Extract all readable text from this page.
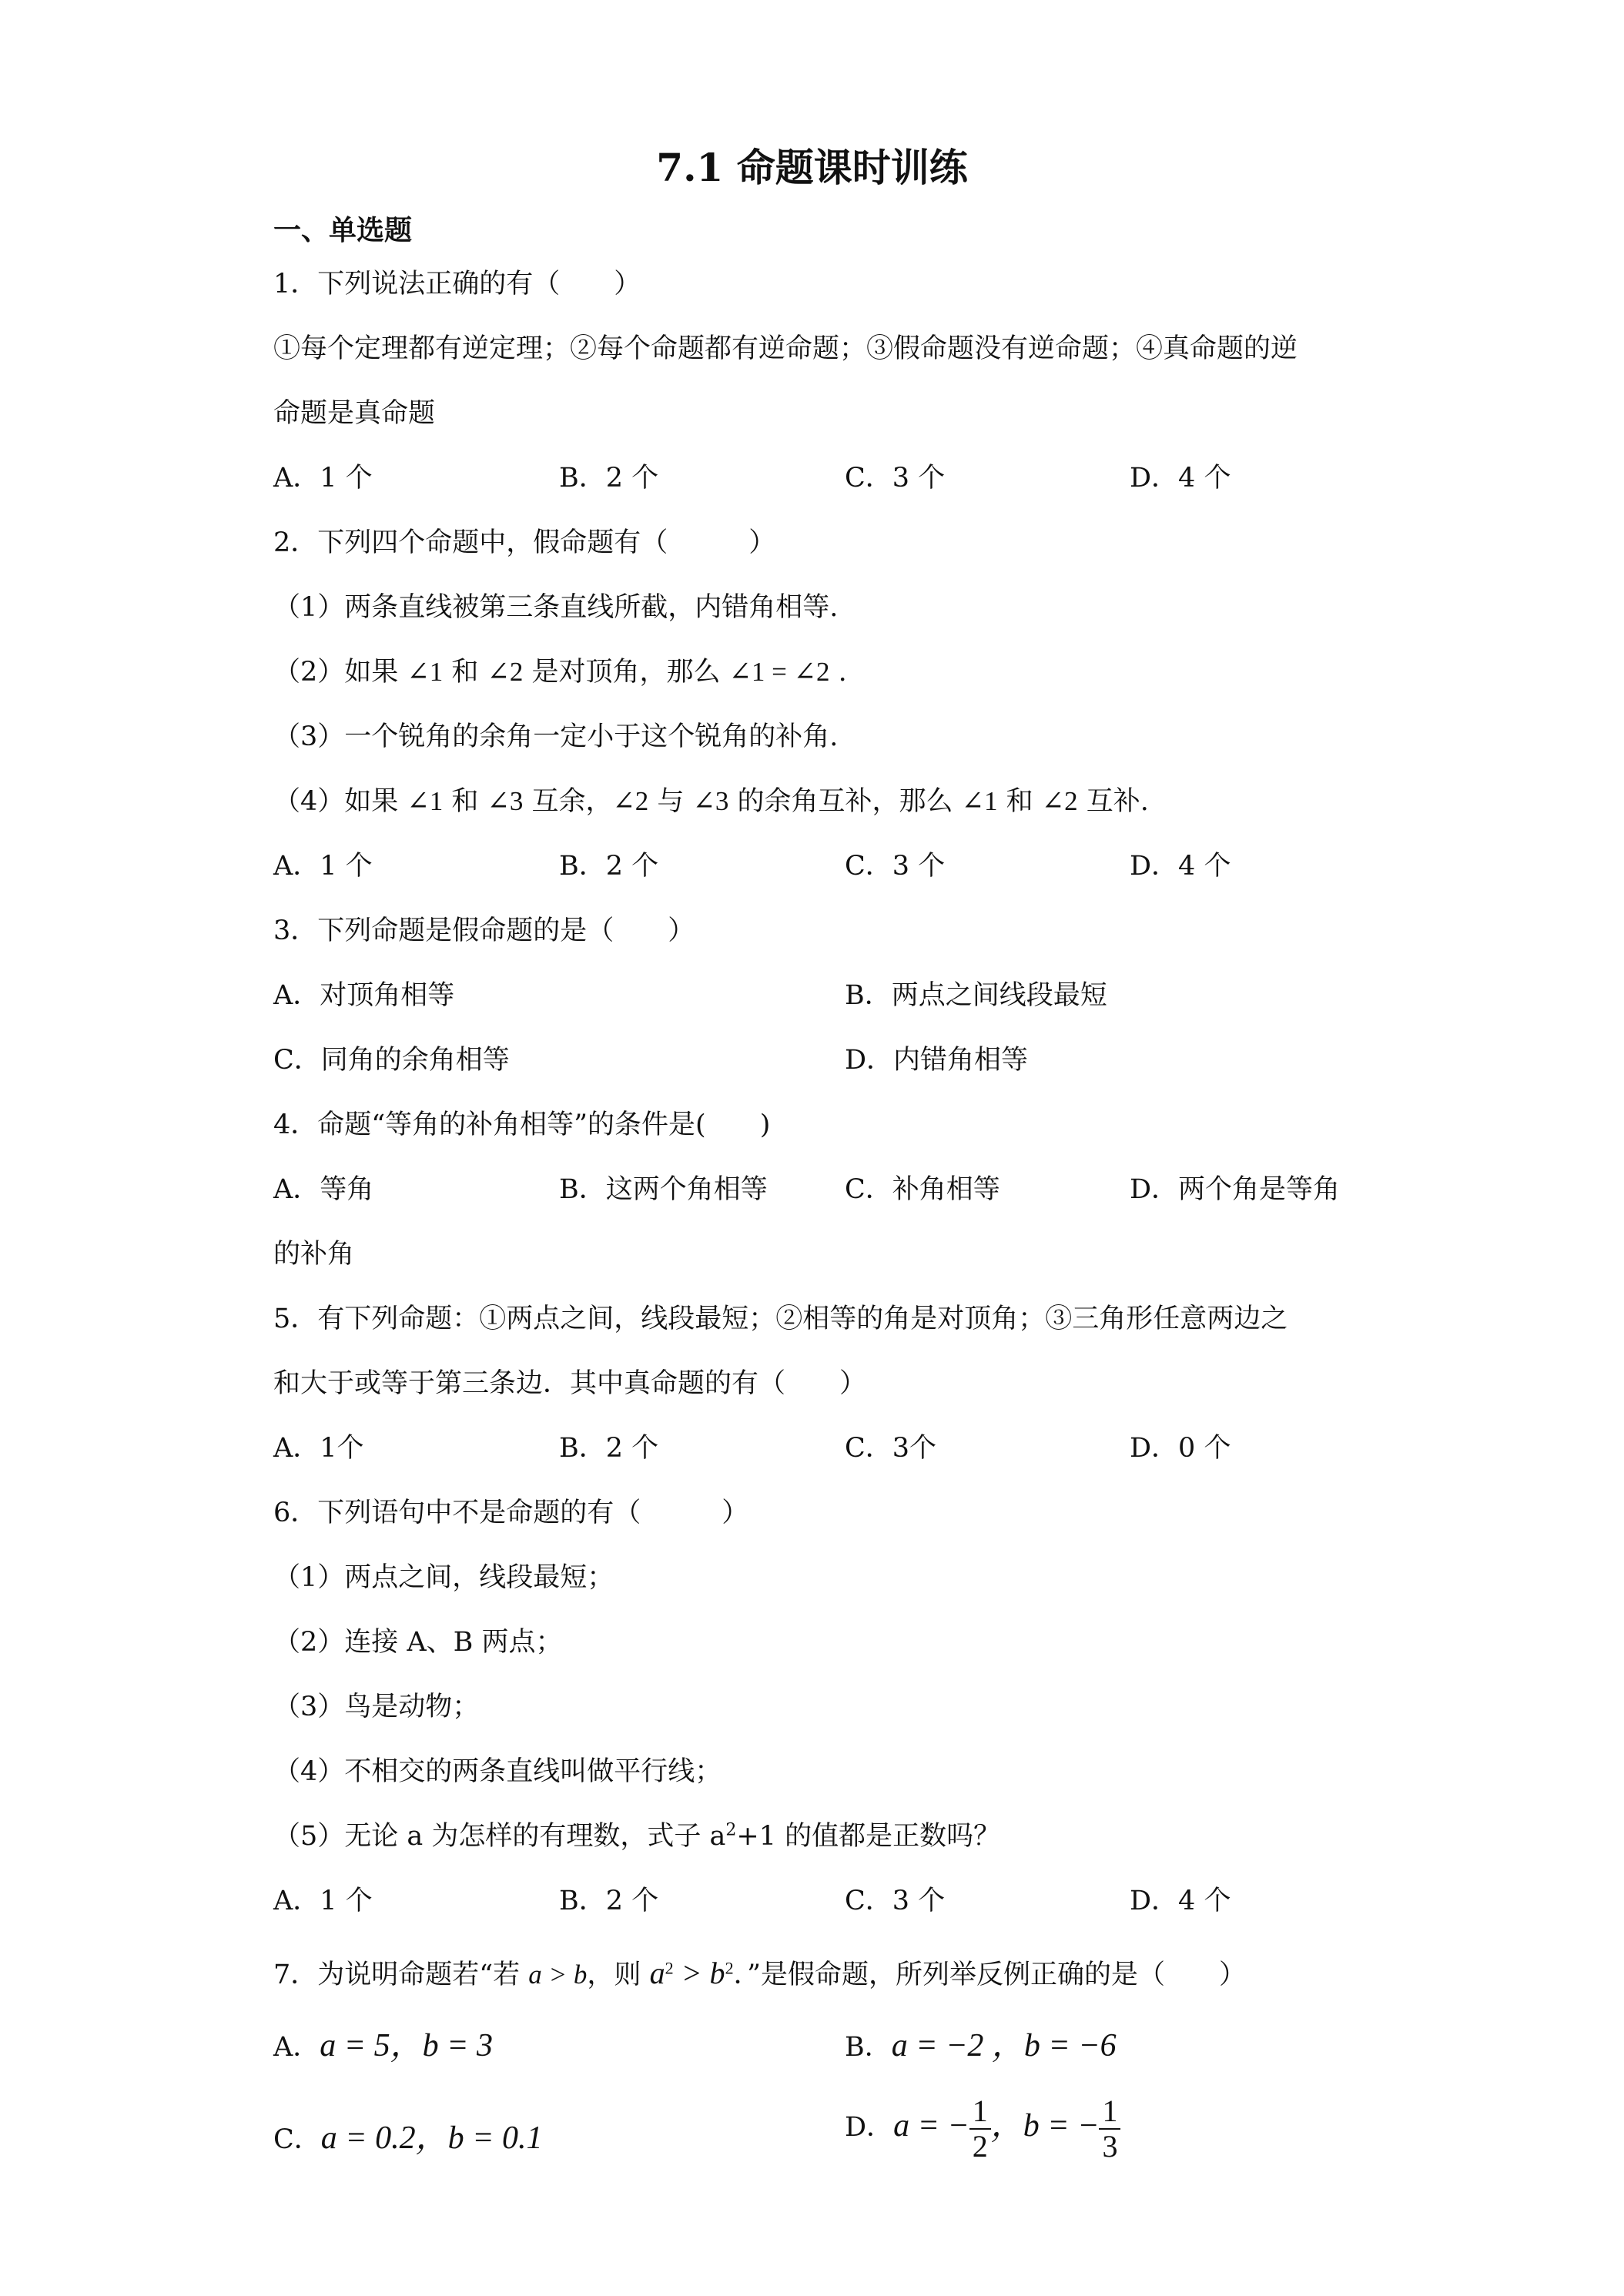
7.1 命题课时训练
一、单选题
1．下列说法正确的有（　　）
①每个定理都有逆定理；②每个命题都有逆命题；③假命题没有逆命题；④真命题的逆
命题是真命题
A．1 个	B．2 个	C．3 个	D．4 个
2．下列四个命题中，假命题有（　　　）
（1）两条直线被第三条直线所截，内错角相等.
（2）如果 ∠1 和 ∠2 是对顶角，那么 ∠1 = ∠2 .
（3）一个锐角的余角一定小于这个锐角的补角.
（4）如果 ∠1 和 ∠3 互余，∠2 与 ∠3 的余角互补，那么 ∠1 和 ∠2 互补.
A．1 个	B．2 个	C．3 个	D．4 个
3．下列命题是假命题的是（　　）
A．对顶角相等	B．两点之间线段最短
C．同角的余角相等	D．内错角相等
4．命题“等角的补角相等”的条件是(　　)
A．等角	B．这两个角相等	C．补角相等	D．两个角是等角
的补角
5．有下列命题：①两点之间，线段最短；②相等的角是对顶角；③三角形任意两边之
和大于或等于第三条边．其中真命题的有（　　）
A．1个	B．2 个	C．3个	D．0 个
6．下列语句中不是命题的有（　　　）
（1）两点之间，线段最短；
（2）连接 A、B 两点；
（3）鸟是动物；
（4）不相交的两条直线叫做平行线；
（5）无论 a 为怎样的有理数，式子 $a^2+1$ 的值都是正数吗？
A．1 个	B．2 个	C．3 个	D．4 个
7．为说明命题若“若 a > b，则 $a^2 > b^2$．”是假命题，所列举反例正确的是（　　）
A．a = 5，b = 3	B．a = −2 ，b = −6
C．a = 0.2，b = 0.1	D．a = − $\frac{1}{2}$ ，b = − $\frac{1}{3}$
